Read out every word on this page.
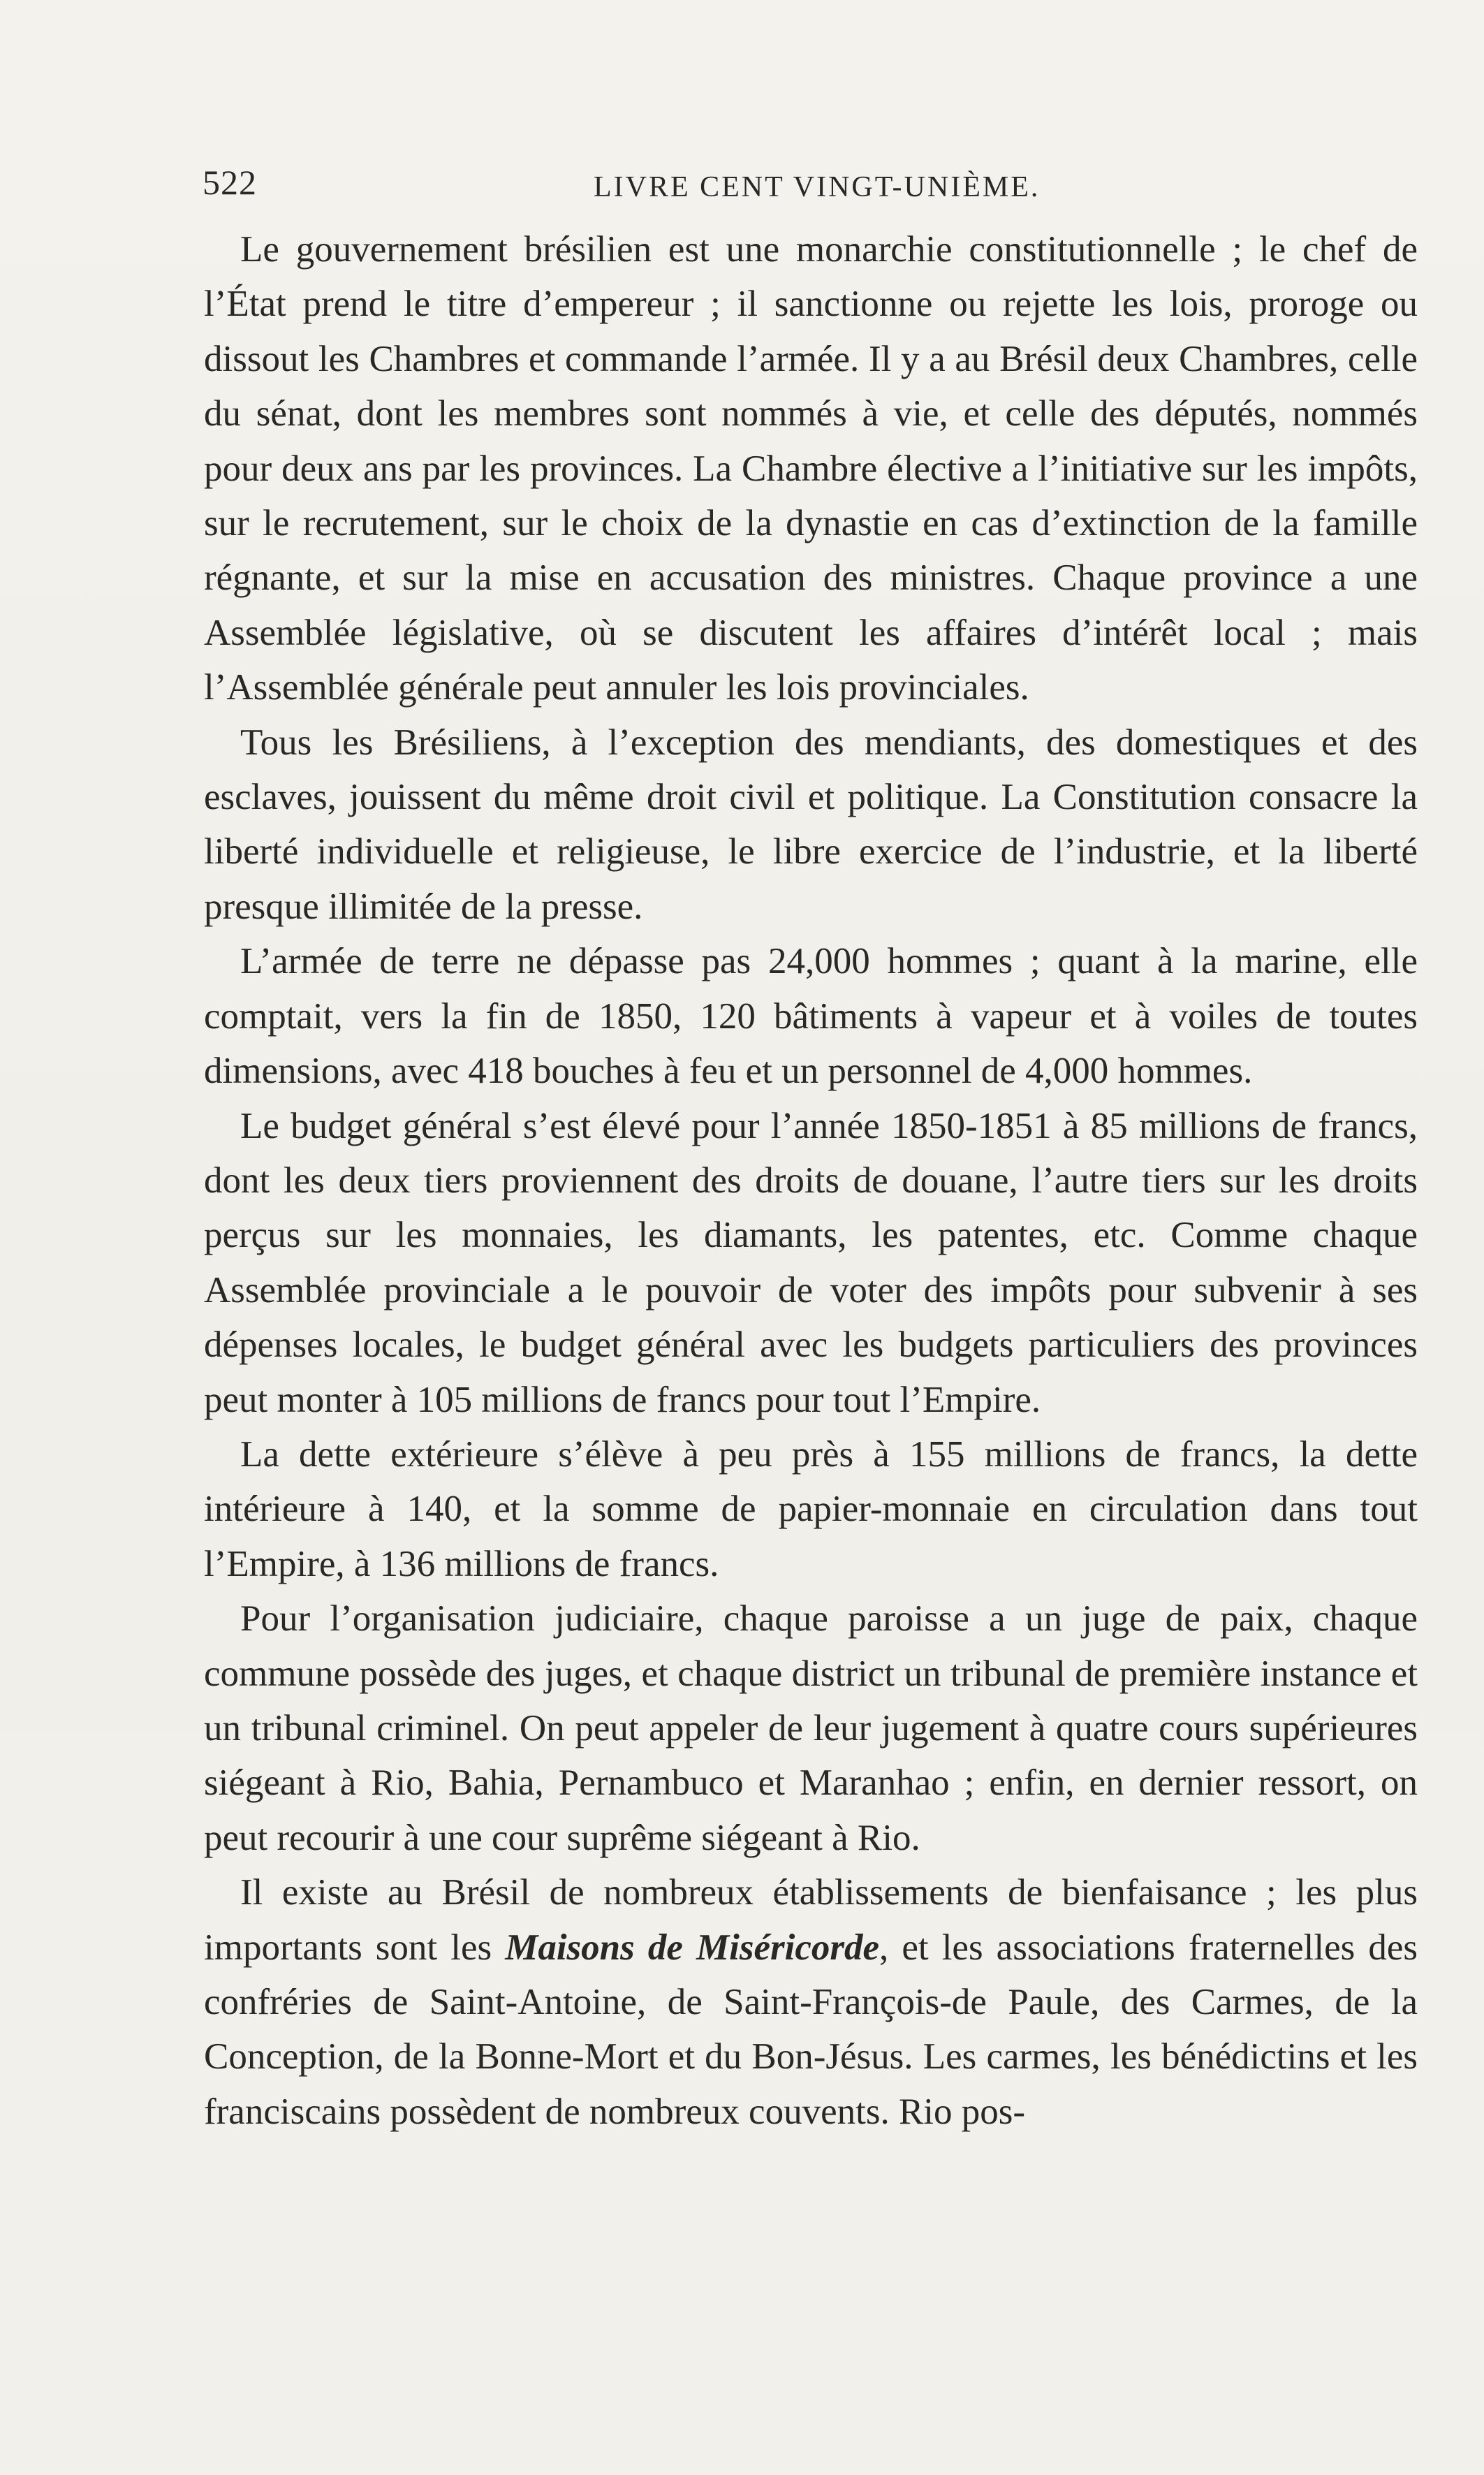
522	LIVRE CENT VINGT-UNIÈME.

Le gouvernement brésilien est une monarchie constitutionnelle ; le chef de l’État prend le titre d’empereur ; il sanctionne ou rejette les lois, proroge ou dissout les Chambres et commande l’armée. Il y a au Brésil deux Chambres, celle du sénat, dont les membres sont nommés à vie, et celle des députés, nommés pour deux ans par les provinces. La Chambre élective a l’initiative sur les impôts, sur le recrutement, sur le choix de la dynastie en cas d’extinction de la famille régnante, et sur la mise en accusation des ministres. Chaque province a une Assemblée législative, où se discutent les affaires d’intérêt local ; mais l’Assemblée générale peut annuler les lois provinciales.

Tous les Brésiliens, à l’exception des mendiants, des domestiques et des esclaves, jouissent du même droit civil et politique. La Constitution consacre la liberté individuelle et religieuse, le libre exercice de l’industrie, et la liberté presque illimitée de la presse.

L’armée de terre ne dépasse pas 24,000 hommes ; quant à la marine, elle comptait, vers la fin de 1850, 120 bâtiments à vapeur et à voiles de toutes dimensions, avec 418 bouches à feu et un personnel de 4,000 hommes.

Le budget général s’est élevé pour l’année 1850-1851 à 85 millions de francs, dont les deux tiers proviennent des droits de douane, l’autre tiers sur les droits perçus sur les monnaies, les diamants, les patentes, etc. Comme chaque Assemblée provinciale a le pouvoir de voter des impôts pour subvenir à ses dépenses locales, le budget général avec les budgets particuliers des provinces peut monter à 105 millions de francs pour tout l’Empire.

La dette extérieure s’élève à peu près à 155 millions de francs, la dette intérieure à 140, et la somme de papier-monnaie en circulation dans tout l’Empire, à 136 millions de francs.

Pour l’organisation judiciaire, chaque paroisse a un juge de paix, chaque commune possède des juges, et chaque district un tribunal de première instance et un tribunal criminel. On peut appeler de leur jugement à quatre cours supérieures siégeant à Rio, Bahia, Pernambuco et Maranhao ; enfin, en dernier ressort, on peut recourir à une cour suprême siégeant à Rio.

Il existe au Brésil de nombreux établissements de bienfaisance ; les plus importants sont les Maisons de Miséricorde, et les associations fraternelles des confréries de Saint-Antoine, de Saint-François-de Paule, des Carmes, de la Conception, de la Bonne-Mort et du Bon-Jésus. Les carmes, les bénédictins et les franciscains possèdent de nombreux couvents. Rio pos-
